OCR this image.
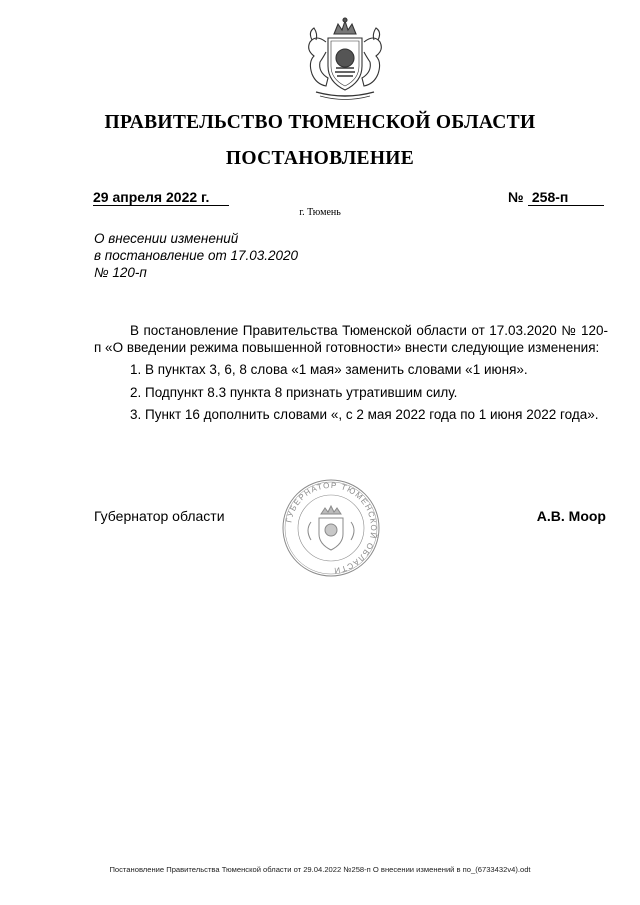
ПРАВИТЕЛЬСТВО ТЮМЕНСКОЙ ОБЛАСТИ
ПОСТАНОВЛЕНИЕ
29 апреля 2022 г.	№ 258-п
г. Тюмень
О внесении изменений
в постановление от 17.03.2020
№ 120-п

В постановление Правительства Тюменской области от 17.03.2020 № 120-п «О введении режима повышенной готовности» внести следующие изменения:

1. В пунктах 3, 6, 8 слова «1 мая» заменить словами «1 июня».

2. Подпункт 8.3 пункта 8 признать утратившим силу.

3. Пункт 16 дополнить словами «, с 2 мая 2022 года по 1 июня 2022 года».

ГУБЕРНАТОР ТЮМЕНСКОЙ ОБЛАСТИ
Губернатор области	А.В. Моор
Постановление Правительства Тюменской области от 29.04.2022 №258-п О внесении изменений в по_(6733432v4).odt
